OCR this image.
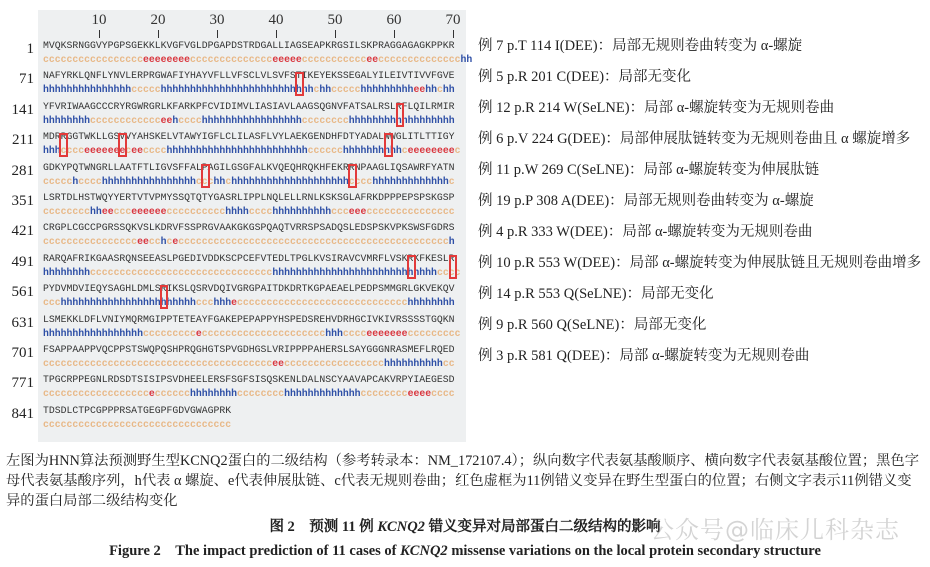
10	20	30	40	50	60	70
1 MVQKSRNGGVYPGPSGEKKLKVGFVGLDPGAPDSTRDGALLIAGSEAPKRGSILSKPRAGGAGAGKPPKR
ccccccccccccccccceeeeeeeecccccccccccccceeeeeccccccccccceecccccccccccccchh
71 NAFYRKLQNFLYNVLERPRGWAFIYHAYVFLLVFSCLVLSVFSTIKEYEKSSEGALYILEIVTIVVFGVE
hhhhhhhhhhhhhhhccccchhhhhhhhhhhhhhhhhhhhhhhhhhchhccccchhhhhhhhheehhchh
141 YFVRIWAAGCCCRYRGWRGRLKFARKPFCVIDIMVLIASIAVLAAGSQGNVFATSALRSLRFLQILRMIR
hhhhhhhhcccccccccccceehcccchhhhhhhhhhhhhhhhhcccccccchhhhhhhhhhhhhhhhhh
211 MDRRGGTWKLLGSVVYAHSKELVTAWYIGFLCLILASFLVYLAEKGENDHFDTYADALWWGLITLTTIGY
hhhcccceeeeeeeceecccchhhhhhhhhhhhhhhhhhhhhhhhcccccchhhhhhhhhhceeeeeeeec
281 GDKYPQTWNGRLLAATFTLIGVSFFALPAGILGSGFALKVQEQHRQKHFEKRRNPAAGLIQSAWRFYATN
ccccchcccchhhhhhhhhhhhhhhhccchhchhhhhhhhhhhhhhhhhhhhcccchhhhhhhhhhhhhc
351 LSRTDLHSTWQYYERTVTVPMYSSQTQTYGASRLIPPLNQLELLRNLKSKSGLAFRKDPPPEPSPSKGSP
cccccccchheeccceeeeeecccccccccchhhhcccchhhhhhhhhhccceeeccccccccccccccc
421 CRGPLCGCCPGRSSQKVSLKDRVFSSPRGVAAKGKGSPQAQTVRRSPSADQSLEDSPSKVPKSWSFGDRS
cccccccccccccccceecchcecccccccccccccccccccccccccccccccccccccccccccccch
491 RARQAFRIKGAASRQNSEEASLPGEDIVDDKSCPCEFVTEDLTPGLKVSIRAVCVMRFLVSKRKFKESLR
hhhhhhhhccccccccccccccccccccccccccccccchhhhhhhhhhhhhhhhhhhhhhhhhhhhcccc
561 PYDVMDVIEQYSAGHLDMLSRIKSLQSRVDQIVGRGPAITDKDRTKGPAEAELPEDPSMMGRLGKVEKQV
ccchhhhhhhhhhhhhhhhhhhhhhhccchhheccccccccccccccccccccccccccccchhhhhhhh
631 LSMEKKLDFLVNIYMQRMGIPPTETEAYFGAKEPEPAPPYHSPEDSREHVDRHGCIVKIVRSSSSTGQKN
hhhhhhhhhhhhhhhhhccccccccceccccccccccccccccccccchhhcccceeeeeeeccccccccc
701 FSAPPAAPPVQCPPSTSWQPQSHPRQGHGTSPVGDHGSLVRIPPPPAHERSLSAYGGGNRASMEFLRQED
ccccccccccccccccccccccccccccccccccccccceeccccccccccccccccchhhhhhhhhhcc
771 TPGCRPPEGNLRDSDTSISIPSVDHEELERSFSGFSISQSKENLDALNSCYAAVAPCAKVRPYIAEGESD
ccccccccccccccccccecccccchhhhhhhhcccccccchhhhhhhhhhhhhcccccccceeeecccc
841 TDSDLCTPCGPPPRSATGEGPFGDVGWAGPRK
cccccccccccccccccccccccccccccccc
例 7 p.T 114 I(DEE)：局部无规则卷曲转变为 α-螺旋
例 5 p.R 201 C(DEE)：局部无变化
例 12 p.R 214 W(SeLNE)：局部 α-螺旋转变为无规则卷曲
例 6 p.V 224 G(DEE)：局部伸展肽链转变为无规则卷曲且 α 螺旋增多
例 11 p.W 269 C(SeLNE)：局部 α-螺旋转变为伸展肽链
例 19 p.P 308 A(DEE)：局部无规则卷曲转变为 α-螺旋
例 4 p.R 333 W(DEE)：局部 α-螺旋转变为无规则卷曲
例 10 p.R 553 W(DEE)：局部 α-螺旋转变为伸展肽链且无规则卷曲增多
例 14 p.R 553 Q(SeLNE)：局部无变化
例 9 p.R 560 Q(SeLNE)：局部无变化
例 3 p.R 581 Q(DEE)：局部 α-螺旋转变为无规则卷曲
左图为HNN算法预测野生型KCNQ2蛋白的二级结构（参考转录本：NM_172107.4）；纵向数字代表氨基酸顺序、横向数字代表氨基酸位置；黑色字母代表氨基酸序列，h代表 α 螺旋、e代表伸展肽链、c代表无规则卷曲；红色虚框为11例错义变异在野生型蛋白的位置；右侧文字表示11例错义变异的蛋白局部二级结构变化
图 2　预测 11 例 KCNQ2 错义变异对局部蛋白二级结构的影响
Figure 2　The impact prediction of 11 cases of KCNQ2 missense variations on the local protein secondary structure
公众号@临床儿科杂志
